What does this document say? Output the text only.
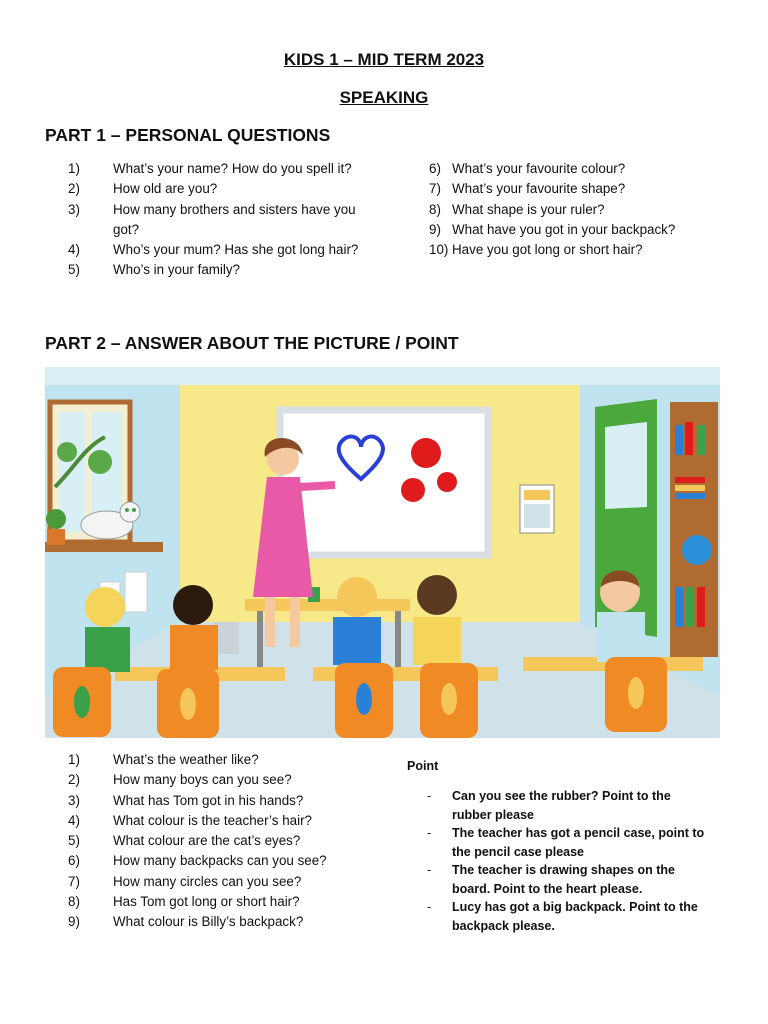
KIDS 1 – MID TERM 2023
SPEAKING
PART 1 – PERSONAL QUESTIONS
1) What’s your name? How do you spell it?
2) How old are you?
3) How many brothers and sisters have you
got?
4) Who’s your mum? Has she got long hair?
5) Who’s in your family?
6) What’s your favourite colour?
7) What’s your favourite shape?
8) What shape is your ruler?
9) What have you got in your backpack?
10) Have you got long or short hair?
PART 2 – ANSWER ABOUT THE PICTURE / POINT
1) What’s the weather like?
2) How many boys can you see?
3) What has Tom got in his hands?
4) What colour is the teacher’s hair?
5) What colour are the cat’s eyes?
6) How many backpacks can you see?
7) How many circles can you see?
8) Has Tom got long or short hair?
9) What colour is Billy’s backpack?
Point
- Can you see the rubber? Point to the
rubber please
- The teacher has got a pencil case, point to
the pencil case please
- The teacher is drawing shapes on the
board. Point to the heart please.
- Lucy has got a big backpack. Point to the
backpack please.
